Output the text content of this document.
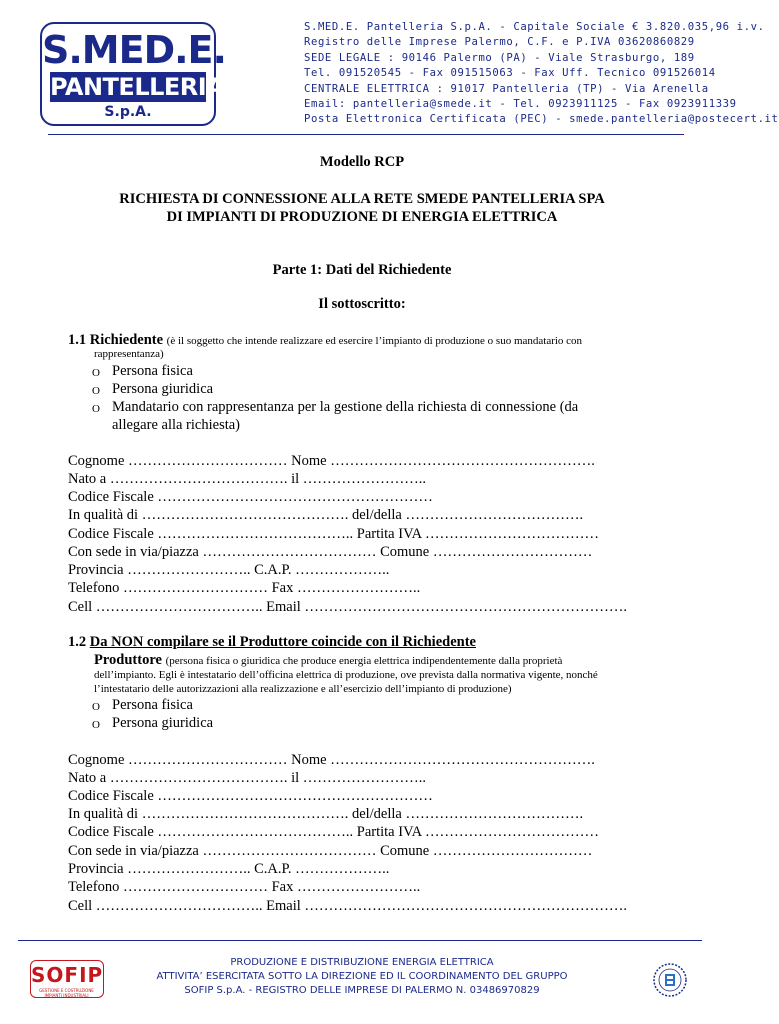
S.MED.E.
PANTELLERIA
S.p.A.
S.MED.E. Pantelleria S.p.A. - Capitale Sociale € 3.820.035,96 i.v.
Registro delle Imprese Palermo, C.F. e P.IVA 03620860829
SEDE LEGALE : 90146 Palermo (PA) - Viale Strasburgo, 189
Tel. 091520545 - Fax 091515063 - Fax Uff. Tecnico 091526014
CENTRALE ELETTRICA : 91017 Pantelleria (TP) - Via Arenella
Email: pantelleria@smede.it - Tel. 0923911125 - Fax 0923911339
Posta Elettronica Certificata (PEC) - smede.pantelleria@postecert.it
Modello RCP
RICHIESTA DI CONNESSIONE ALLA RETE SMEDE PANTELLERIA SPA
DI IMPIANTI DI PRODUZIONE DI ENERGIA ELETTRICA
Parte 1: Dati del Richiedente
Il sottoscritto:
1.1 Richiedente (è il soggetto che intende realizzare ed esercire l’impianto di produzione o suo mandatario con
rappresentanza)
O Persona fisica
O Persona giuridica
O Mandatario con rappresentanza per la gestione della richiesta di connessione (da
allegare alla richiesta)
Cognome …………………………… Nome ……………………………………………….
Nato a ………………………………. il ……………………..
Codice Fiscale …………………………………………………
In qualità di ……………………………………. del/della ……………………………….
Codice Fiscale ………………………………….. Partita IVA ………………………………
Con sede in via/piazza ……………………………… Comune ……………………………
Provincia …………………….. C.A.P. ………………..
Telefono ………………………… Fax ……………………..
Cell …………………………….. Email ………………………………………………………….
1.2 Da NON compilare se il Produttore coincide con il Richiedente
Produttore (persona fisica o giuridica che produce energia elettrica indipendentemente dalla proprietà
dell’impianto. Egli è intestatario dell’officina elettrica di produzione, ove prevista dalla normativa vigente, nonché
l’intestatario delle autorizzazioni alla realizzazione e all’esercizio dell’impianto di produzione)
O Persona fisica
O Persona giuridica
Cognome …………………………… Nome ……………………………………………….
Nato a ………………………………. il ……………………..
Codice Fiscale …………………………………………………
In qualità di ……………………………………. del/della ……………………………….
Codice Fiscale ………………………………….. Partita IVA ………………………………
Con sede in via/piazza ……………………………… Comune ……………………………
Provincia …………………….. C.A.P. ………………..
Telefono ………………………… Fax ……………………..
Cell …………………………….. Email ………………………………………………………….
SOFIP
GESTIONE E COSTRUZIONE IMPIANTI INDUSTRIALI
PRODUZIONE E DISTRIBUZIONE ENERGIA ELETTRICA
ATTIVITA’ ESERCITATA SOTTO LA DIREZIONE ED IL COORDINAMENTO DEL GRUPPO
SOFIP S.p.A. - REGISTRO DELLE IMPRESE DI PALERMO N. 03486970829
